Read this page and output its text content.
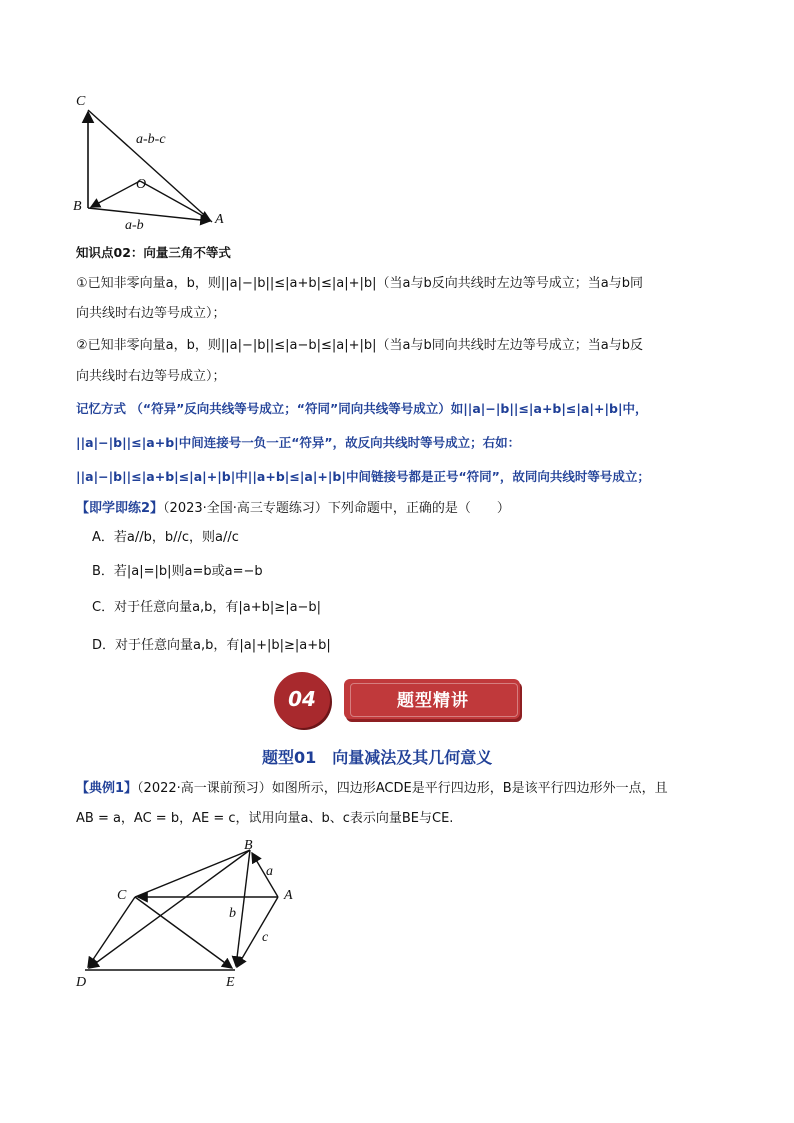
C
B
O
A
a-b-c
a-b
知识点02：向量三角不等式
①已知非零向量a，b，则||a|−|b||≤|a+b|≤|a|+|b|（当a与b反向共线时左边等号成立；当a与b同
向共线时右边等号成立）；
②已知非零向量a，b，则||a|−|b||≤|a−b|≤|a|+|b|（当a与b同向共线时左边等号成立；当a与b反
向共线时右边等号成立）；
记忆方式 （“符异”反向共线等号成立；“符同”同向共线等号成立）如||a|−|b||≤|a+b|≤|a|+|b|中，
||a|−|b||≤|a+b|中间连接号一负一正“符异”，故反向共线时等号成立；右如：
||a|−|b||≤|a+b|≤|a|+|b|中||a+b|≤|a|+|b|中间链接号都是正号“符同”，故同向共线时等号成立；
【即学即练2】（2023·全国·高三专题练习）下列命题中，正确的是（　　）
A．若a//b，b//c，则a//c
B．若|a|=|b|则a=b或a=−b
C．对于任意向量a,b，有|a+b|≥|a−b|
D．对于任意向量a,b，有|a|+|b|≥|a+b|
题型精讲
04
题型01　向量减法及其几何意义
【典例1】（2022·高一课前预习）如图所示，四边形ACDE是平行四边形，B是该平行四边形外一点，且
AB = a，AC = b，AE = c，试用向量a、b、c表示向量BE与CE.
B
C	A
D	E
a
b
c
